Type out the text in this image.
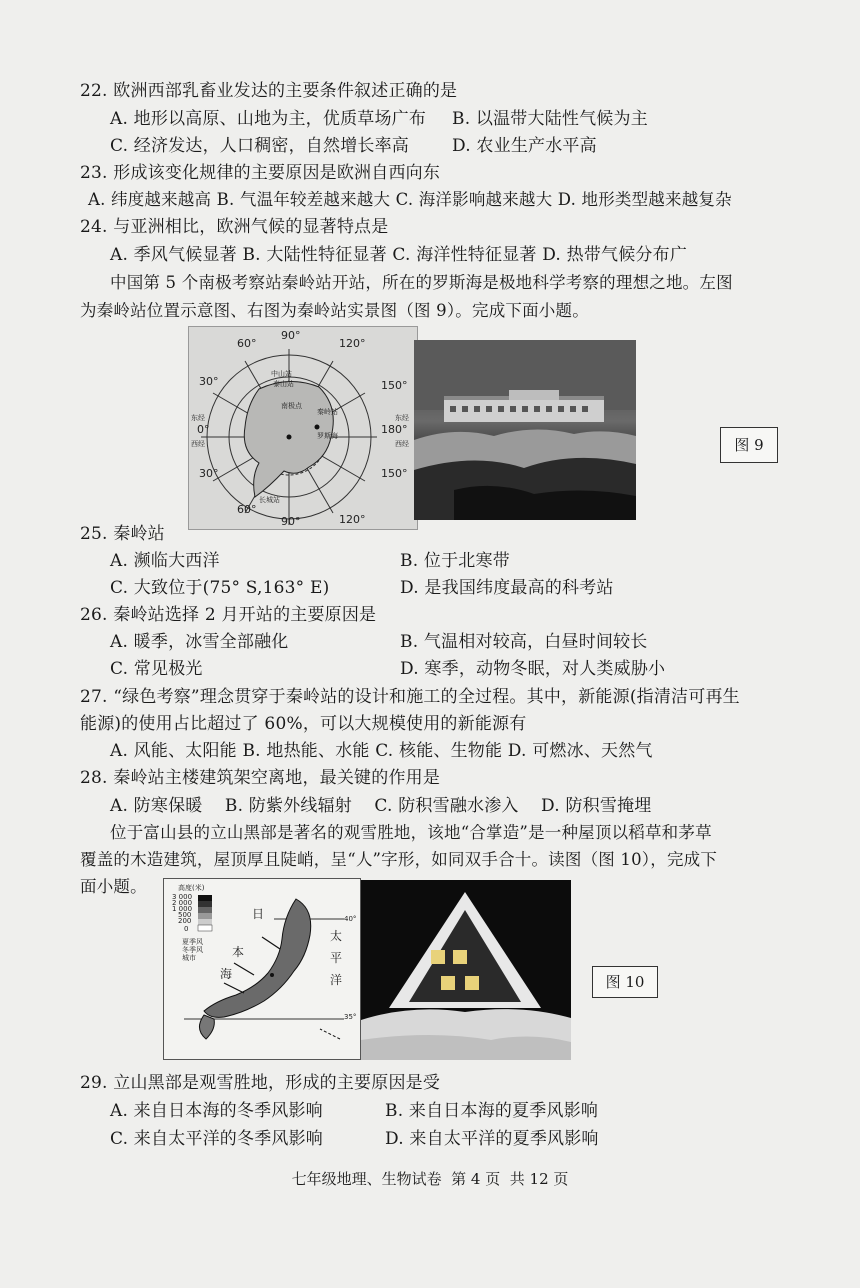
22. 欧洲西部乳畜业发达的主要条件叙述正确的是
A. 地形以高原、山地为主，优质草场广布 B. 以温带大陆性气候为主
C. 经济发达，人口稠密，自然增长率高	D. 农业生产水平高
23. 形成该变化规律的主要原因是欧洲自西向东
A. 纬度越来越高 B. 气温年较差越来越大 C. 海洋影响越来越大 D. 地形类型越来越复杂
24. 与亚洲相比，欧洲气候的显著特点是
A. 季风气候显著 B. 大陆性特征显著 C. 海洋性特征显著 D. 热带气候分布广
中国第 5 个南极考察站秦岭站开站，所在的罗斯海是极地科学考察的理想之地。左图
为秦岭站位置示意图、右图为秦岭站实景图（图 9）。完成下面小题。
中山站
泰山站
秦岭站
罗斯海
南极点
长城站
90°
120°
150°
180°
150°
120°
90°
60°
30°
0°
30°
60°
东经
西经
东经
西经	图 9
25. 秦岭站
A. 濒临大西洋	B. 位于北寒带
C. 大致位于(75° S,163° E)	D. 是我国纬度最高的科考站
26. 秦岭站选择 2 月开站的主要原因是
A. 暖季，冰雪全部融化	B. 气温相对较高，白昼时间较长
C. 常见极光	D. 寒季，动物冬眠，对人类威胁小
27. “绿色考察”理念贯穿于秦岭站的设计和施工的全过程。其中，新能源(指清洁可再生
能源)的使用占比超过了 60%，可以大规模使用的新能源有
A. 风能、太阳能 B. 地热能、水能 C. 核能、生物能 D. 可燃冰、天然气
28. 秦岭站主楼建筑架空离地，最关键的作用是
A. 防寒保暖    B. 防紫外线辐射    C. 防积雪融水渗入    D. 防积雪掩埋
位于富山县的立山黑部是著名的观雪胜地，该地“合掌造”是一种屋顶以稻草和茅草
覆盖的木造建筑，屋顶厚且陡峭，呈“人”字形，如同双手合十。读图（图 10），完成下
面小题。	高度(米)
3 000
2 000
1 000
500
200
0
夏季风
冬季风
城市
日
本
海
太
平
洋
40°
35°
图 10
29. 立山黑部是观雪胜地，形成的主要原因是受
A. 来自日本海的冬季风影响	B. 来自日本海的夏季风影响
C. 来自太平洋的冬季风影响	D. 来自太平洋的夏季风影响
七年级地理、生物试卷  第 4 页  共 12 页
